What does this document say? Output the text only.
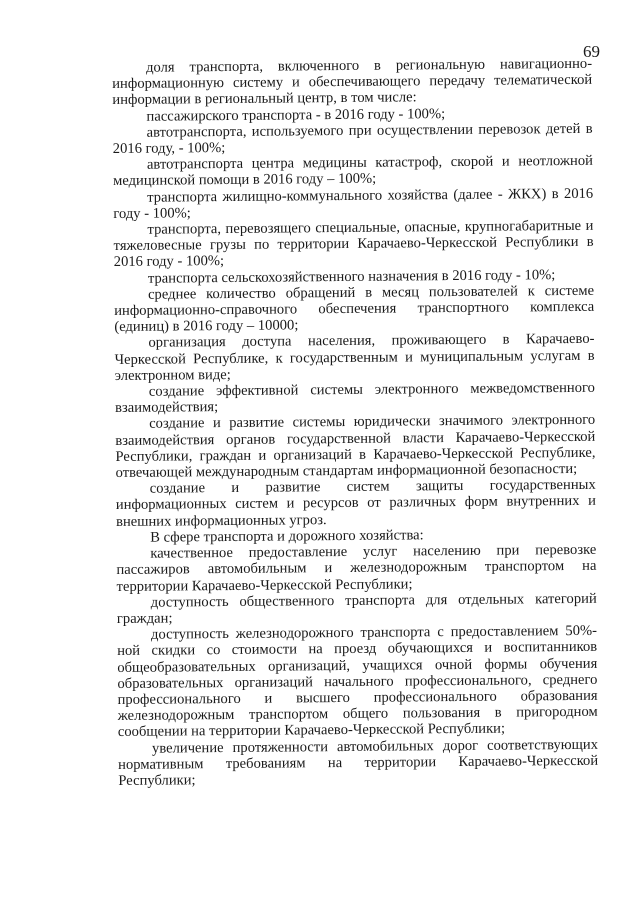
69

доля транспорта, включенного в региональную навигационно-информационную систему и обеспечивающего передачу телематической информации в региональный центр, в том числе:

пассажирского транспорта - в 2016 году - 100%;

автотранспорта, используемого при осуществлении перевозок детей в 2016 году, - 100%;

автотранспорта центра медицины катастроф, скорой и неотложной медицинской помощи в 2016 году – 100%;

транспорта жилищно-коммунального хозяйства (далее - ЖКХ) в 2016 году - 100%;

транспорта, перевозящего специальные, опасные, крупногабаритные и тяжеловесные грузы по территории Карачаево-Черкесской Республики в 2016 году - 100%;

транспорта сельскохозяйственного назначения в 2016 году - 10%;

среднее количество обращений в месяц пользователей к системе информационно-справочного обеспечения транспортного комплекса (единиц) в 2016 году – 10000;

организация доступа населения, проживающего в Карачаево-Черкесской Республике, к государственным и муниципальным услугам в электронном виде;

создание эффективной системы электронного межведомственного взаимодействия;

создание и развитие системы юридически значимого электронного взаимодействия органов государственной власти Карачаево-Черкесской Республики, граждан и организаций в Карачаево-Черкесской Республике, отвечающей международным стандартам информационной безопасности;

создание и развитие систем защиты государственных информационных систем и ресурсов от различных форм внутренних и внешних информационных угроз.

В сфере транспорта и дорожного хозяйства:

качественное предоставление услуг населению при перевозке пассажиров автомобильным и железнодорожным транспортом на территории Карачаево-Черкесской Республики;

доступность общественного транспорта для отдельных категорий граждан;

доступность железнодорожного транспорта с предоставлением 50%-ной скидки со стоимости на проезд обучающихся и воспитанников общеобразовательных организаций, учащихся очной формы обучения образовательных организаций начального профессионального, среднего профессионального и высшего профессионального образования железнодорожным транспортом общего пользования в пригородном сообщении на территории Карачаево-Черкесской Республики;

увеличение протяженности автомобильных дорог соответствующих нормативным требованиям на территории Карачаево-Черкесской Республики;
